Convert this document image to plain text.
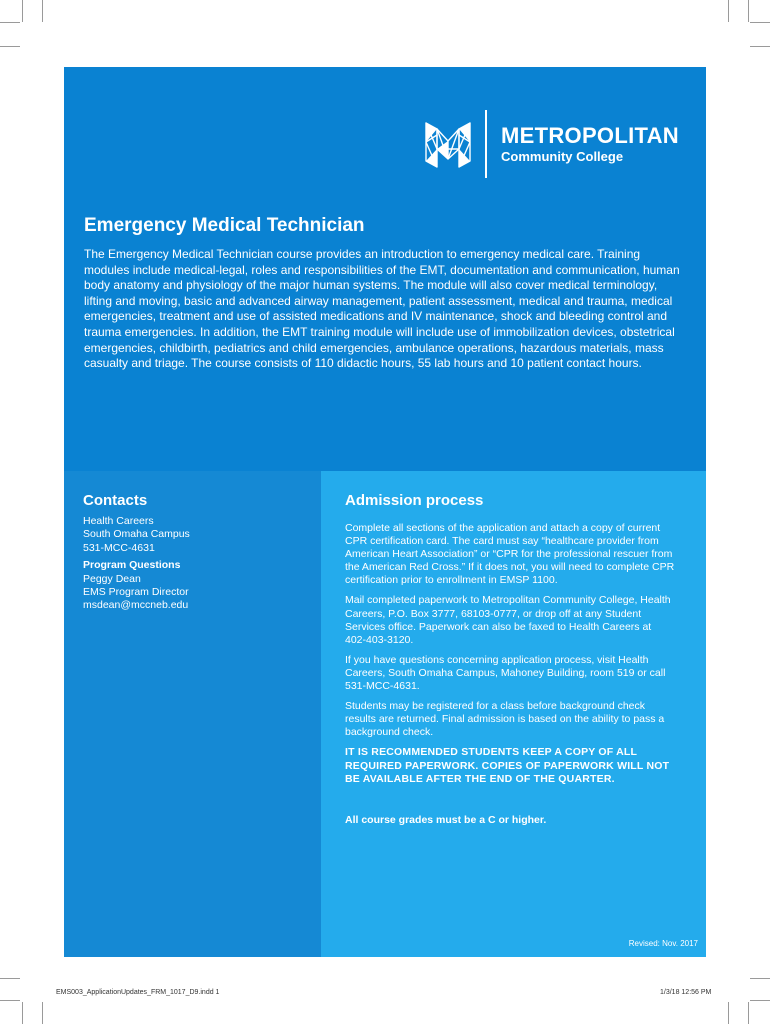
METROPOLITAN
Community College
Emergency Medical Technician

The Emergency Medical Technician course provides an introduction to emergency medical care. Training modules include medical-legal, roles and responsibilities of the EMT, documentation and communication, human body anatomy and physiology of the major human systems. The module will also cover medical terminology, lifting and moving, basic and advanced airway management, patient assessment, medical and trauma, medical emergencies, treatment and use of assisted medications and IV maintenance, shock and bleeding control and trauma emergencies. In addition, the EMT training module will include use of immobilization devices, obstetrical emergencies, childbirth, pediatrics and child emergencies, ambulance operations, hazardous materials, mass casualty and triage. The course consists of 110 didactic hours, 55 lab hours and 10 patient contact hours.

Contacts
Health Careers
South Omaha Campus
531-MCC-4631
Program Questions
Peggy Dean
EMS Program Director
msdean@mccneb.edu
Admission process

Complete all sections of the application and attach a copy of current CPR certification card. The card must say “healthcare provider from American Heart Association” or “CPR for the professional rescuer from the American Red Cross.” If it does not, you will need to complete CPR certification prior to enrollment in EMSP 1100.

Mail completed paperwork to Metropolitan Community College, Health Careers, P.O. Box 3777, 68103-0777, or drop off at any Student Services office. Paperwork can also be faxed to Health Careers at 402-403-3120.

If you have questions concerning application process, visit Health Careers, South Omaha Campus, Mahoney Building, room 519 or call 531-MCC-4631.

Students may be registered for a class before background check results are returned. Final admission is based on the ability to pass a background check.

IT IS RECOMMENDED STUDENTS KEEP A COPY OF ALL REQUIRED PAPERWORK. COPIES OF PAPERWORK WILL NOT BE AVAILABLE AFTER THE END OF THE QUARTER.

All course grades must be a C or higher.

Revised: Nov. 2017
EMS003_ApplicationUpdates_FRM_1017_D9.indd 1	1/3/18 12:56 PM
